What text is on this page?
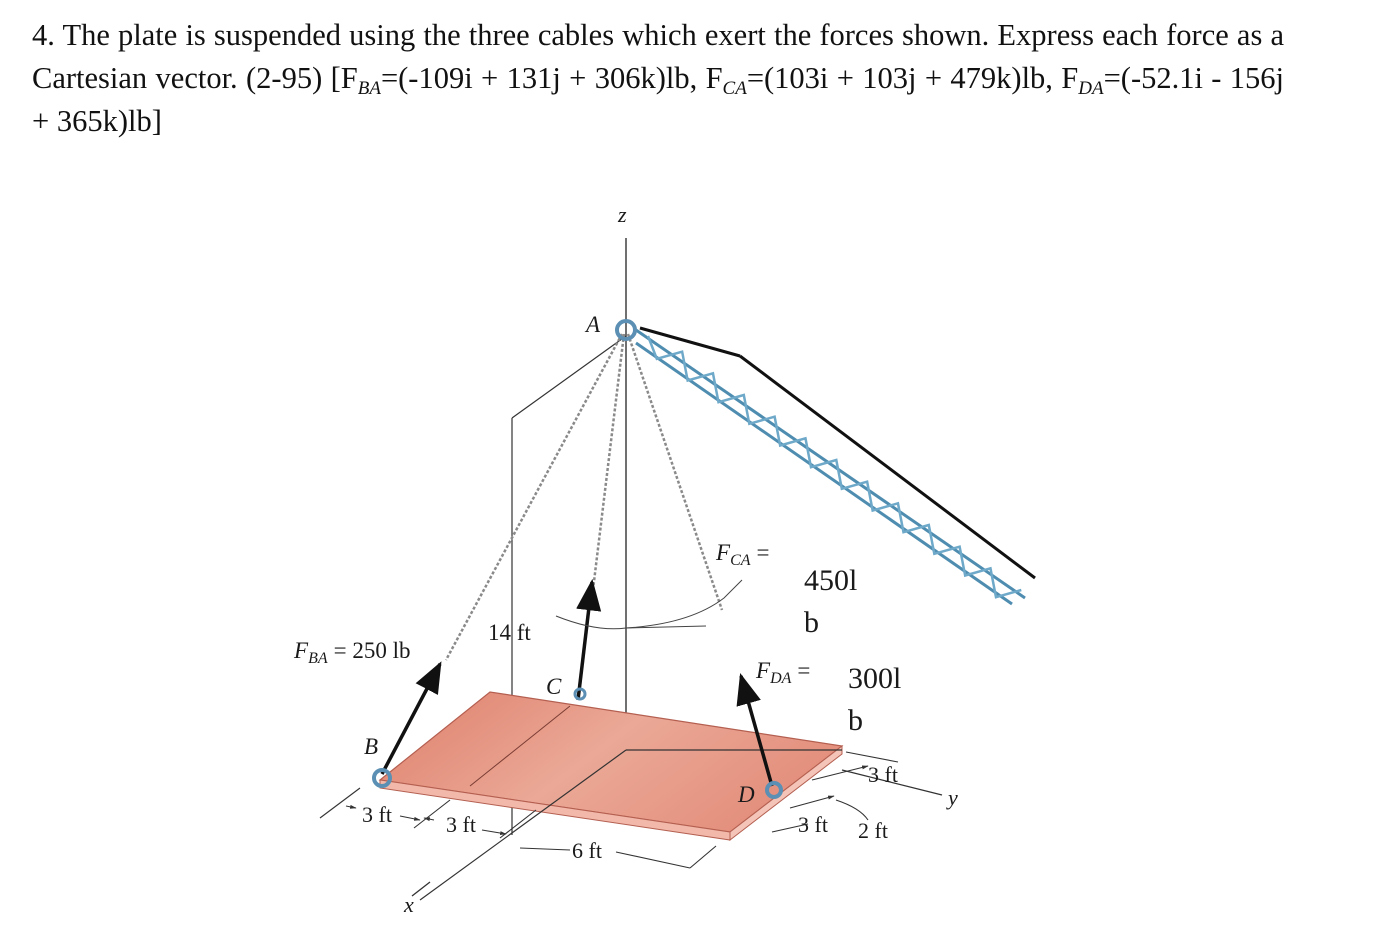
4. The plate is suspended using the three cables which exert the forces shown. Express each force as a Cartesian vector. (2-95) [$F_{BA}=(-109i + 131j + 306k)lb$, $F_{CA}=(103i + 103j + 479k)lb$, $F_{DA}=(-52.1i - 156j + 365k)lb$]
z
14 ft
y
x
A
B
C
D
$F_{BA} = 250$ lb
$F_{CA}$ =
450l
b
$F_{DA} = 300l$
b
3 ft 3 ft
6 ft
3 ft
3 ft 2 ft
